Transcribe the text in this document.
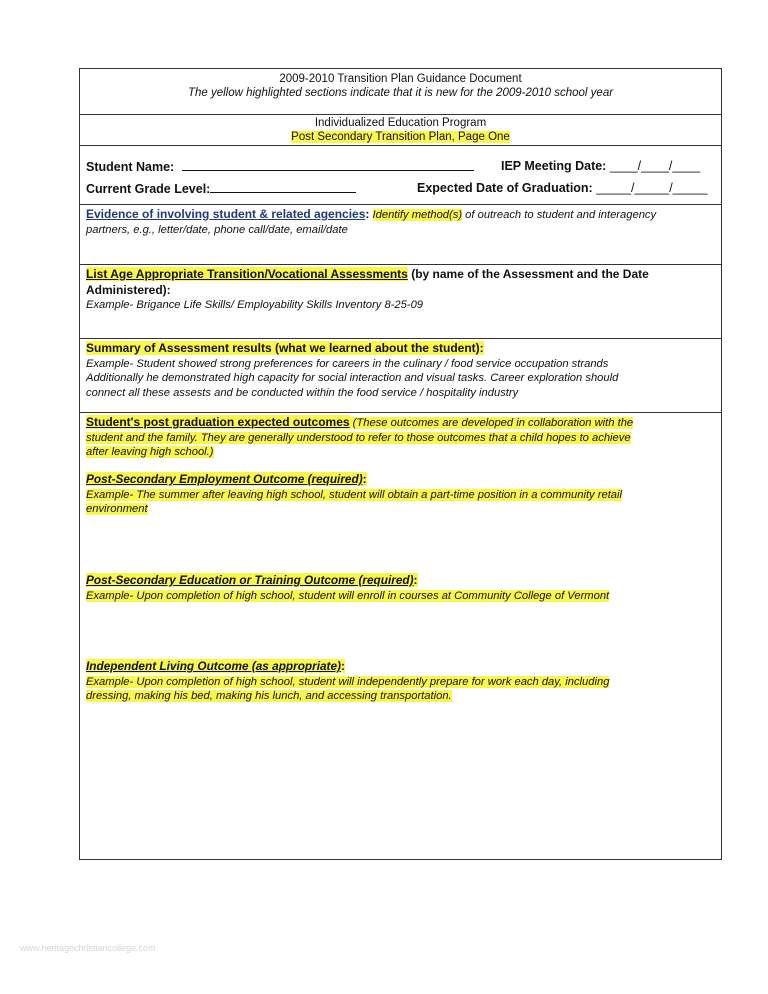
2009-2010 Transition Plan Guidance Document
The yellow highlighted sections indicate that it is new for the 2009-2010 school year
Individualized Education Program
Post Secondary Transition Plan, Page One
Student Name:	IEP Meeting Date: ____/____/____
Current Grade Level:	Expected Date of Graduation: _____/_____/_____
Evidence of involving student & related agencies: Identify method(s) of outreach to student and interagency
partners, e.g., letter/date, phone call/date, email/date
List Age Appropriate Transition/Vocational Assessments (by name of the Assessment and the Date
Administered):
Example- Brigance Life Skills/ Employability Skills Inventory 8-25-09
Summary of Assessment results (what we learned about the student):
Example- Student showed strong preferences for careers in the culinary / food service occupation strands
Additionally he demonstrated high capacity for social interaction and visual tasks. Career exploration should
connect all these assests and be conducted within the food service / hospitality industry
Student's post graduation expected outcomes (These outcomes are developed in collaboration with the
student and the family. They are generally understood to refer to those outcomes that a child hopes to achieve
after leaving high school.)
Post-Secondary Employment Outcome (required):
Example- The summer after leaving high school, student will obtain a part-time position in a community retail
environment
Post-Secondary Education or Training Outcome (required):
Example- Upon completion of high school, student will enroll in courses at Community College of Vermont
Independent Living Outcome (as appropriate):
Example- Upon completion of high school, student will independently prepare for work each day, including
dressing, making his bed, making his lunch, and accessing transportation.
www.heritagechristiancollege.com
